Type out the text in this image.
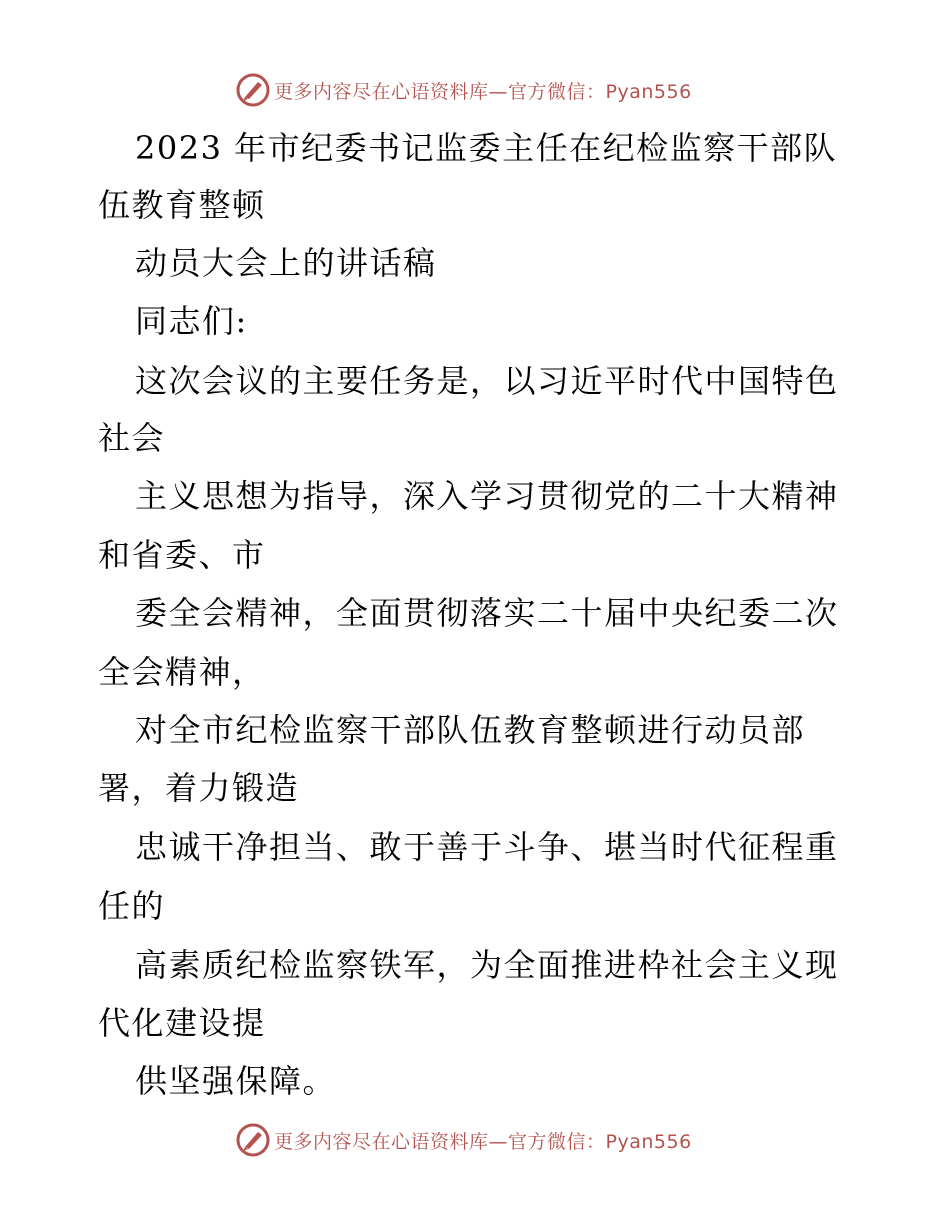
更多内容尽在心语资料库—官方微信：Pyan556
2023 年市纪委书记监委主任在纪检监察干部队
伍教育整顿
动员大会上的讲话稿
同志们:
这次会议的主要任务是，以习近平时代中国特色
社会
主义思想为指导，深入学习贯彻党的二十大精神
和省委、市
委全会精神，全面贯彻落实二十届中央纪委二次
全会精神，
对全市纪检监察干部队伍教育整顿进行动员部
署，着力锻造
忠诚干净担当、敢于善于斗争、堪当时代征程重
任的
高素质纪检监察铁军，为全面推进枠社会主义现
代化建设提
供坚强保障。
更多内容尽在心语资料库—官方微信：Pyan556
